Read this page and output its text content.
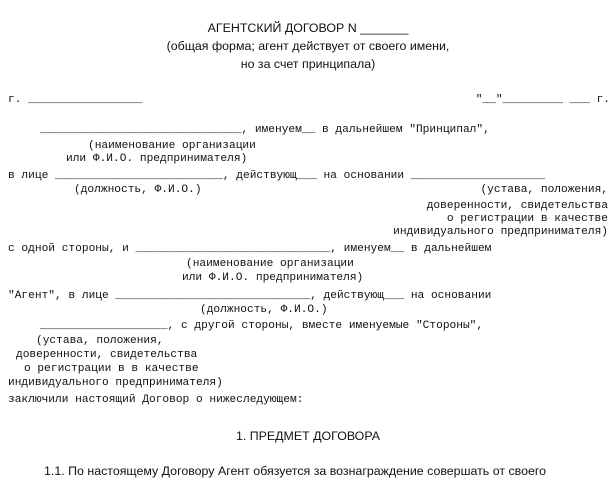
АГЕНТСКИЙ ДОГОВОР N _______
(общая форма; агент действует от своего имени,
но за счет принципала)
г. _________________	"__"_________ ___ г.
______________________________, именуем__ в дальнейшем "Принципал",
(наименование организации
или Ф.И.О. предпринимателя)
в лице _________________________, действующ___ на основании ____________________
(должность, Ф.И.О.)	(устава, положения,
доверенности, свидетельства
о регистрации в качестве
индивидуального предпринимателя)
с одной стороны, и _____________________________, именуем__ в дальнейшем
(наименование организации
или Ф.И.О. предпринимателя)
"Агент", в лице _____________________________, действующ___ на основании
(должность, Ф.И.О.)
___________________, с другой стороны, вместе именуемые "Стороны",
(устава, положения,
доверенности, свидетельства
о регистрации в в качестве
индивидуального предпринимателя)
заключили настоящий Договор о нижеследующем:
1. ПРЕДМЕТ ДОГОВОРА
1.1. По настоящему Договору Агент обязуется за вознаграждение совершать от своего
